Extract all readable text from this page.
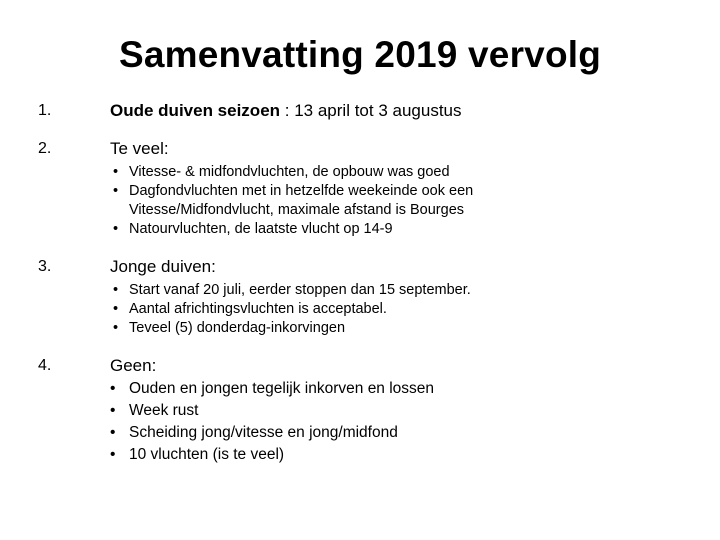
Samenvatting 2019 vervolg
1.	Oude duiven seizoen : 13 april tot 3 augustus
2.	Te veel:
• Vitesse- & midfondvluchten, de opbouw was goed
• Dagfondvluchten met in hetzelfde weekeinde ook een Vitesse/Midfondvlucht, maximale afstand is Bourges
• Natourvluchten, de laatste vlucht op 14-9
3.	Jonge duiven:
• Start vanaf 20 juli, eerder stoppen dan 15 september.
• Aantal africhtingsvluchten is acceptabel.
• Teveel (5) donderdag-inkorvingen
4.	Geen:
• Ouden en jongen tegelijk inkorven en lossen
• Week rust
• Scheiding jong/vitesse en jong/midfond
• 10 vluchten (is te veel)
